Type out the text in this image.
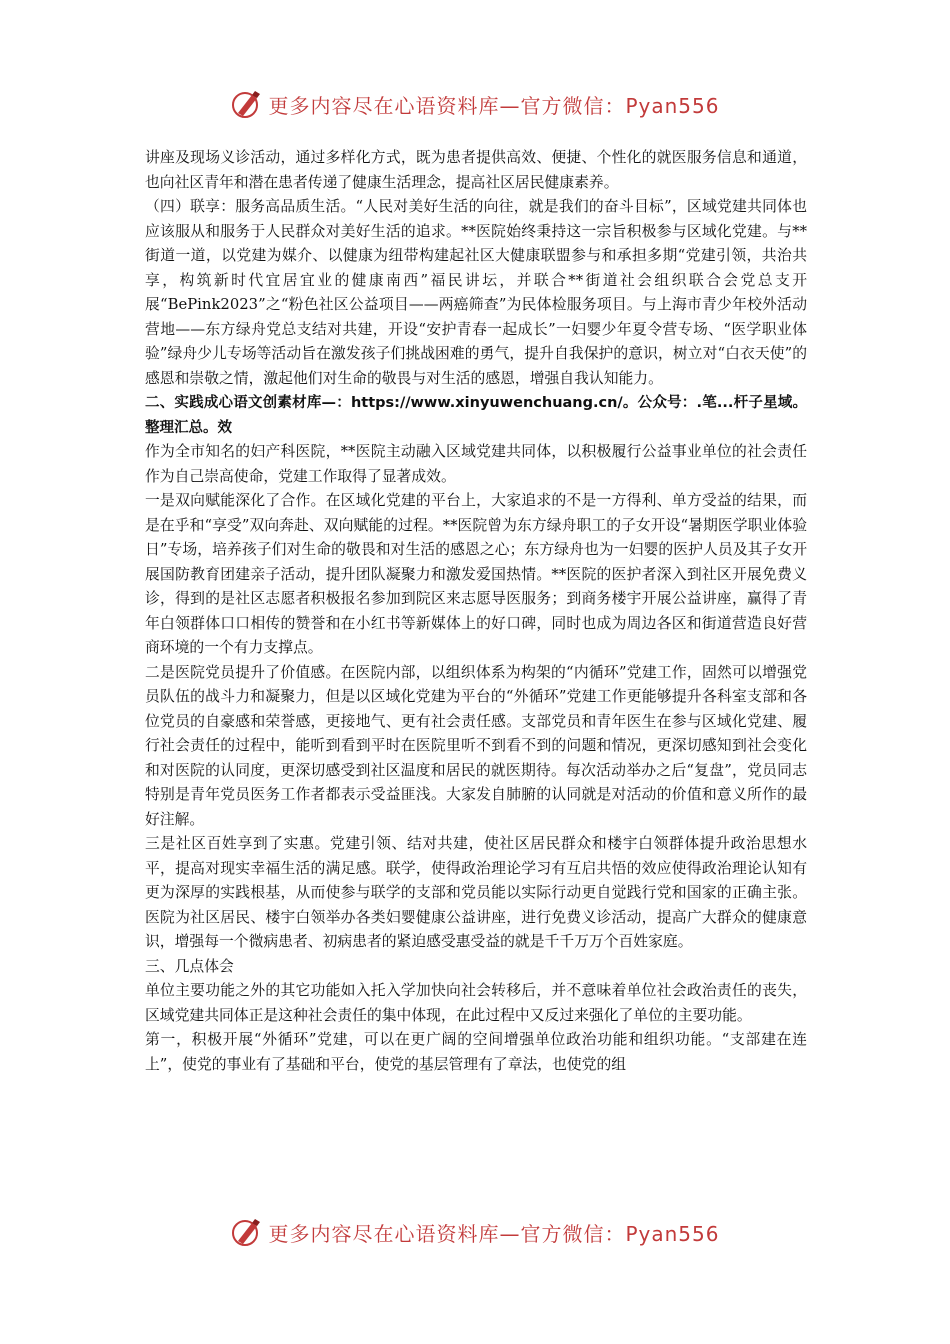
更多内容尽在心语资料库—官方微信：Pyan556

讲座及现场义诊活动，通过多样化方式，既为患者提供高效、便捷、个性化的就医服务信息和通道，也向社区青年和潜在患者传递了健康生活理念，提高社区居民健康素养。

（四）联享：服务高品质生活。“人民对美好生活的向往，就是我们的奋斗目标”，区域党建共同体也应该服从和服务于人民群众对美好生活的追求。**医院始终秉持这一宗旨积极参与区域化党建。与**街道一道，以党建为媒介、以健康为纽带构建起社区大健康联盟参与和承担多期“党建引领，共治共享，构筑新时代宜居宜业的健康南西”福民讲坛，并联合**街道社会组织联合会党总支开展“BePink2023”之“粉色社区公益项目——两癌筛查”为民体检服务项目。与上海市青少年校外活动营地——东方绿舟党总支结对共建，开设“安护青春一起成长”一妇婴少年夏令营专场、“医学职业体验”绿舟少儿专场等活动旨在激发孩子们挑战困难的勇气，提升自我保护的意识，树立对“白衣天使”的感恩和崇敬之情，激起他们对生命的敬畏与对生活的感恩，增强自我认知能力。

二、实践成心语文创素材库—：https://www.xinyuwenchuang.cn/。公众号：.笔...杆子星域。整理汇总。效

作为全市知名的妇产科医院，**医院主动融入区域党建共同体，以积极履行公益事业单位的社会责任作为自己崇高使命，党建工作取得了显著成效。

一是双向赋能深化了合作。在区域化党建的平台上，大家追求的不是一方得利、单方受益的结果，而是在乎和“享受”双向奔赴、双向赋能的过程。**医院曾为东方绿舟职工的子女开设“暑期医学职业体验日”专场，培养孩子们对生命的敬畏和对生活的感恩之心；东方绿舟也为一妇婴的医护人员及其子女开展国防教育团建亲子活动，提升团队凝聚力和激发爱国热情。**医院的医护者深入到社区开展免费义诊，得到的是社区志愿者积极报名参加到院区来志愿导医服务；到商务楼宇开展公益讲座，赢得了青年白领群体口口相传的赞誉和在小红书等新媒体上的好口碑，同时也成为周边各区和街道营造良好营商环境的一个有力支撑点。

二是医院党员提升了价值感。在医院内部，以组织体系为构架的“内循环”党建工作，固然可以增强党员队伍的战斗力和凝聚力，但是以区域化党建为平台的“外循环”党建工作更能够提升各科室支部和各位党员的自豪感和荣誉感，更接地气、更有社会责任感。支部党员和青年医生在参与区域化党建、履行社会责任的过程中，能听到看到平时在医院里听不到看不到的问题和情况，更深切感知到社会变化和对医院的认同度，更深切感受到社区温度和居民的就医期待。每次活动举办之后“复盘”，党员同志特别是青年党员医务工作者都表示受益匪浅。大家发自肺腑的认同就是对活动的价值和意义所作的最好注解。

三是社区百姓享到了实惠。党建引领、结对共建，使社区居民群众和楼宇白领群体提升政治思想水平，提高对现实幸福生活的满足感。联学，使得政治理论学习有互启共悟的效应使得政治理论认知有更为深厚的实践根基，从而使参与联学的支部和党员能以实际行动更自觉践行党和国家的正确主张。医院为社区居民、楼宇白领举办各类妇婴健康公益讲座，进行免费义诊活动，提高广大群众的健康意识，增强每一个微病患者、初病患者的紧迫感受惠受益的就是千千万万个百姓家庭。

三、几点体会

单位主要功能之外的其它功能如入托入学加快向社会转移后，并不意味着单位社会政治责任的丧失，区域党建共同体正是这种社会责任的集中体现，在此过程中又反过来强化了单位的主要功能。

第一，积极开展“外循环”党建，可以在更广阔的空间增强单位政治功能和组织功能。“支部建在连上”，使党的事业有了基础和平台，使党的基层管理有了章法，也使党的组

更多内容尽在心语资料库—官方微信：Pyan556
